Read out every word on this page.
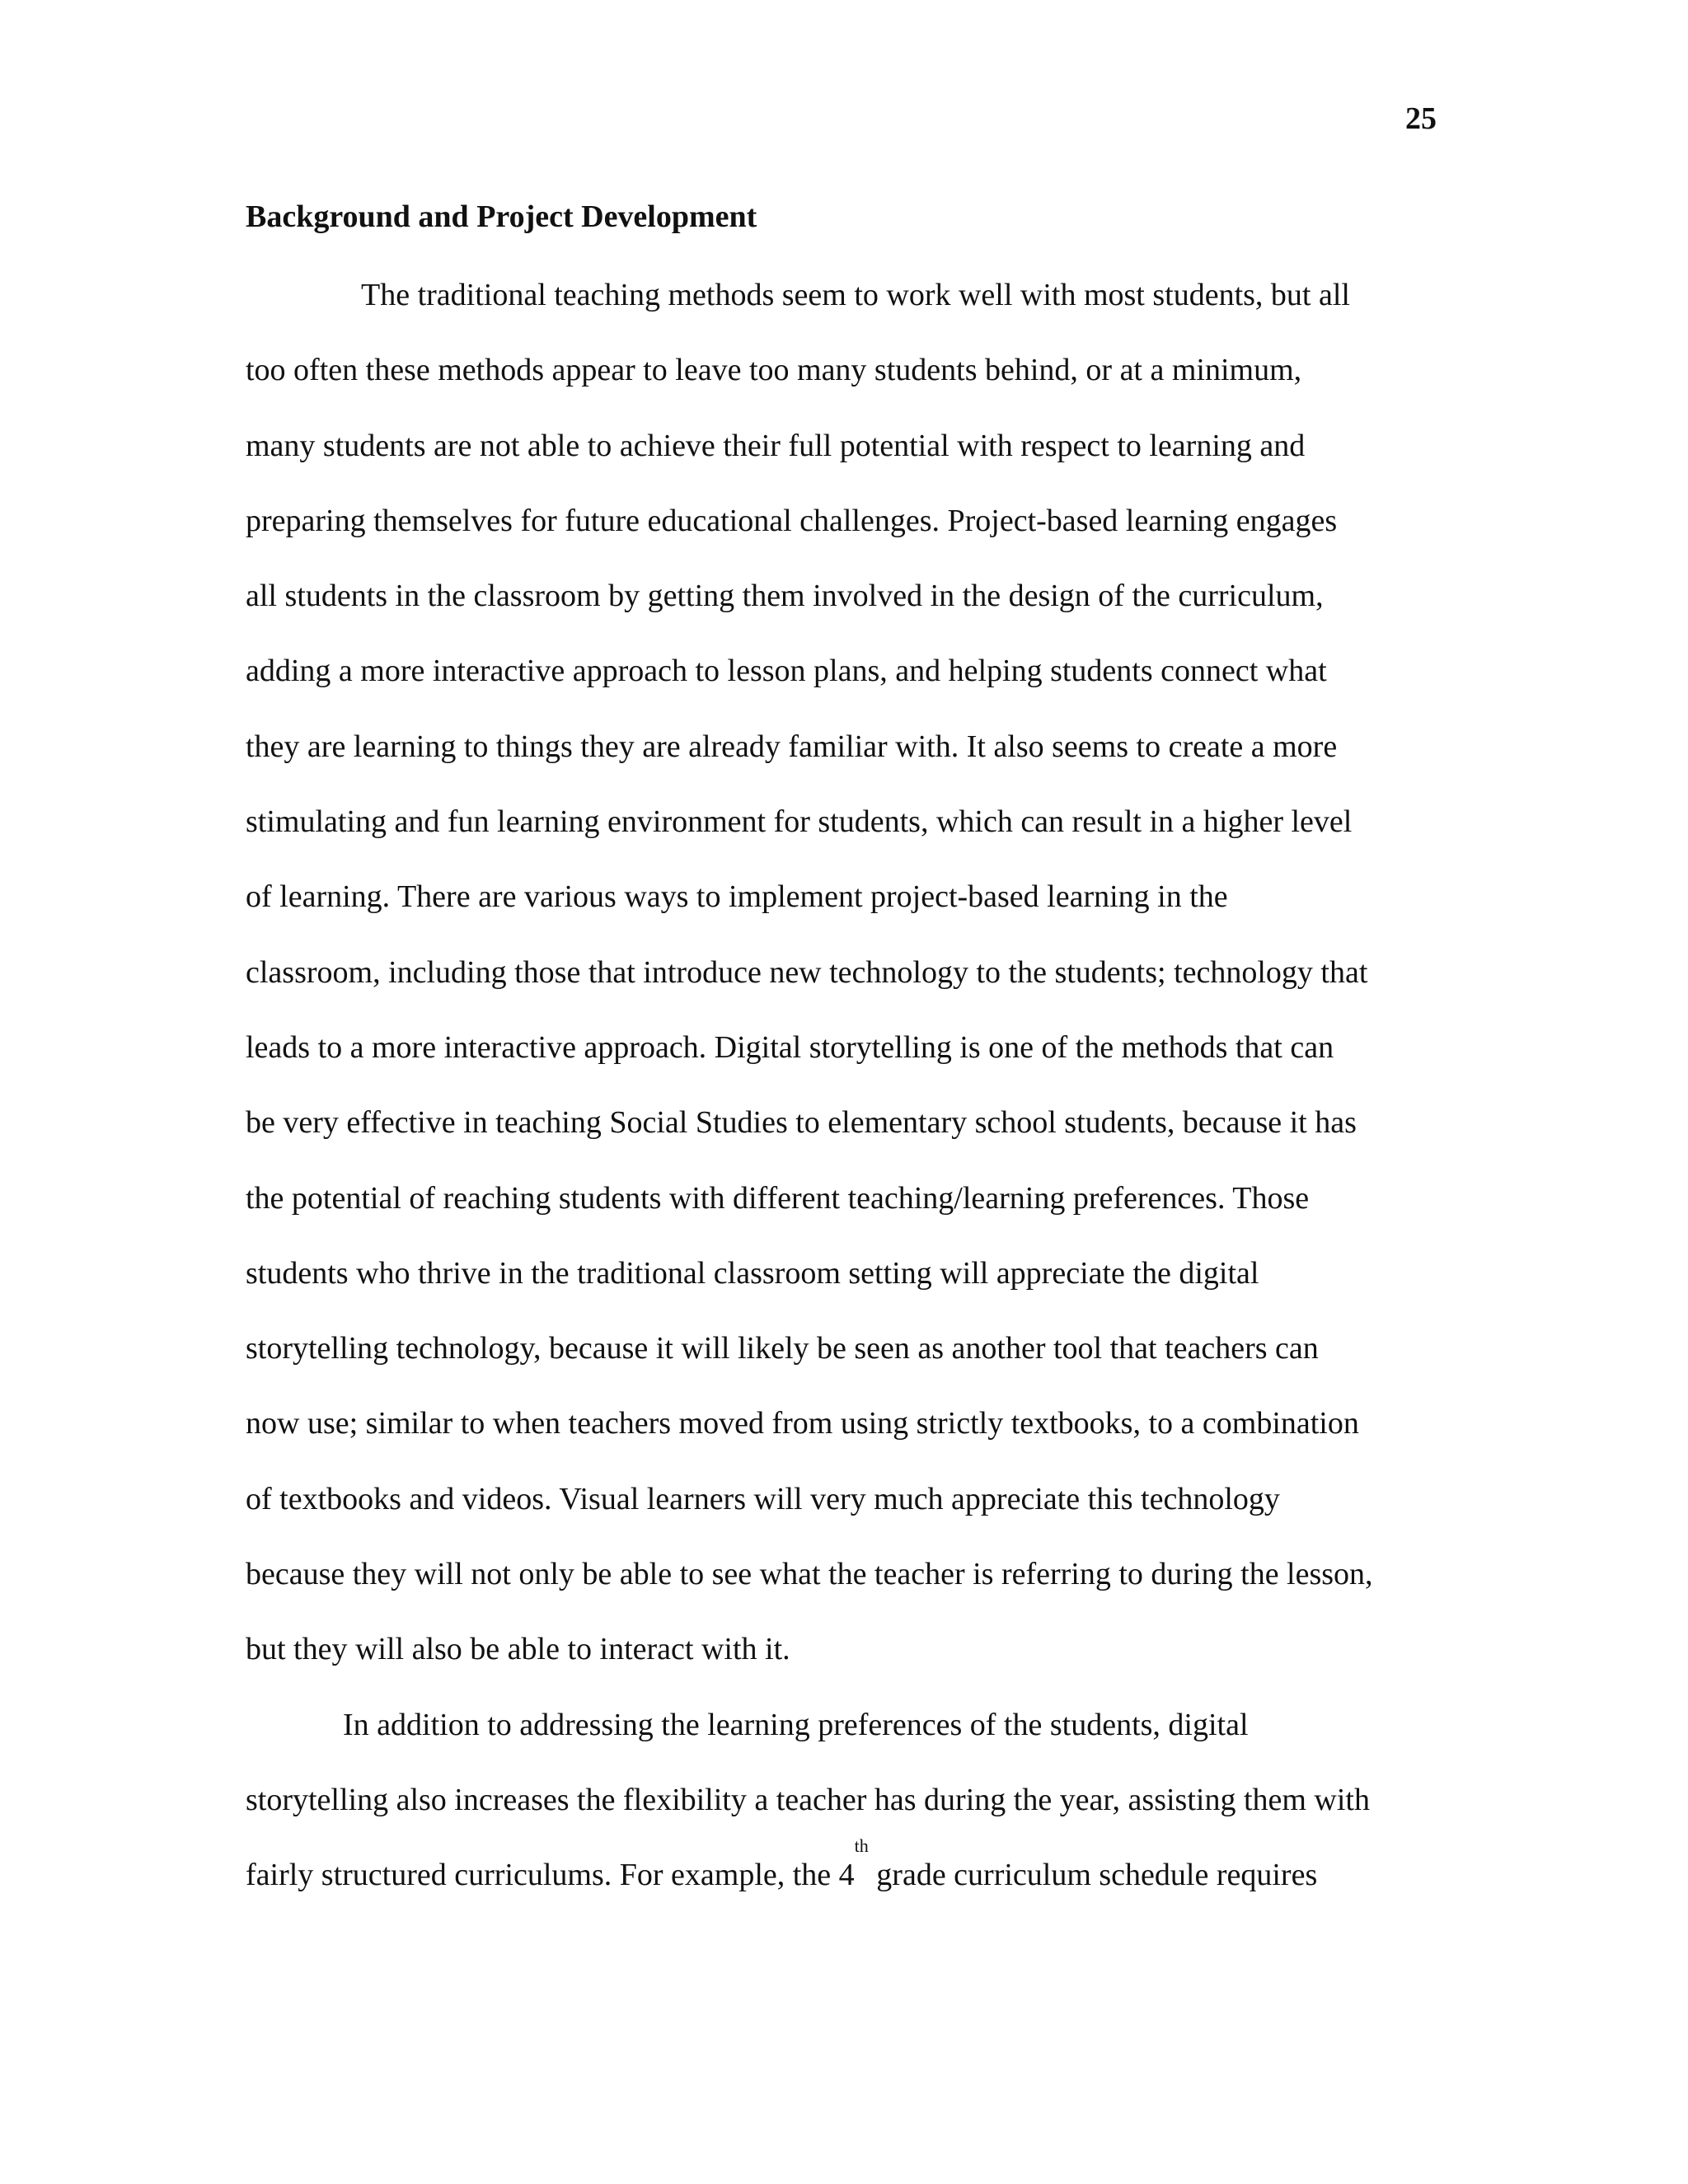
25
Background and Project Development
The traditional teaching methods seem to work well with most students, but all
too often these methods appear to leave too many students behind, or at a minimum,
many students are not able to achieve their full potential with respect to learning and
preparing themselves for future educational challenges. Project-based learning engages
all students in the classroom by getting them involved in the design of the curriculum,
adding a more interactive approach to lesson plans, and helping students connect what
they are learning to things they are already familiar with. It also seems to create a more
stimulating and fun learning environment for students, which can result in a higher level
of learning. There are various ways to implement project-based learning in the
classroom, including those that introduce new technology to the students; technology that
leads to a more interactive approach. Digital storytelling is one of the methods that can
be very effective in teaching Social Studies to elementary school students, because it has
the potential of reaching students with different teaching/learning preferences. Those
students who thrive in the traditional classroom setting will appreciate the digital
storytelling technology, because it will likely be seen as another tool that teachers can
now use; similar to when teachers moved from using strictly textbooks, to a combination
of textbooks and videos. Visual learners will very much appreciate this technology
because they will not only be able to see what the teacher is referring to during the lesson,
but they will also be able to interact with it.
In addition to addressing the learning preferences of the students, digital
storytelling also increases the flexibility a teacher has during the year, assisting them with
fairly structured curriculums. For example, the 4th grade curriculum schedule requires
